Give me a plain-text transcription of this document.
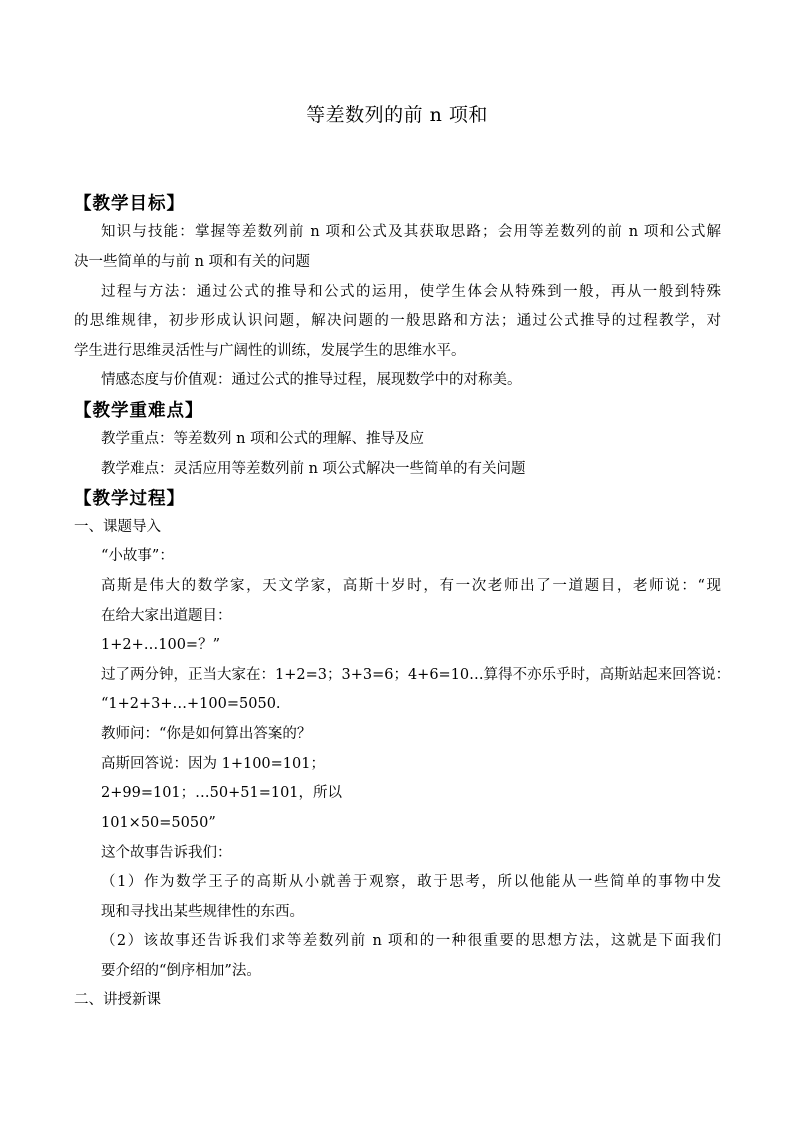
等差数列的前 n 项和
【教学目标】
知识与技能：掌握等差数列前 n 项和公式及其获取思路；会用等差数列的前 n 项和公式解
决一些简单的与前 n 项和有关的问题
过程与方法：通过公式的推导和公式的运用，使学生体会从特殊到一般，再从一般到特殊
的思维规律，初步形成认识问题，解决问题的一般思路和方法；通过公式推导的过程教学，对
学生进行思维灵活性与广阔性的训练，发展学生的思维水平。
情感态度与价值观：通过公式的推导过程，展现数学中的对称美。
【教学重难点】
教学重点：等差数列 n 项和公式的理解、推导及应
教学难点：灵活应用等差数列前 n 项公式解决一些简单的有关问题
【教学过程】
一、课题导入
“小故事”：
高斯是伟大的数学家，天文学家，高斯十岁时，有一次老师出了一道题目，老师说：“现
在给大家出道题目：
1+2+…100=？”
过了两分钟，正当大家在：1+2=3；3+3=6；4+6=10…算得不亦乐乎时，高斯站起来回答说：
“1+2+3+…+100=5050.
教师问：“你是如何算出答案的？
高斯回答说：因为 1+100=101；
2+99=101；…50+51=101，所以
101×50=5050”
这个故事告诉我们：
（1）作为数学王子的高斯从小就善于观察，敢于思考，所以他能从一些简单的事物中发
现和寻找出某些规律性的东西。
（2）该故事还告诉我们求等差数列前 n 项和的一种很重要的思想方法，这就是下面我们
要介绍的“倒序相加”法。
二、讲授新课
